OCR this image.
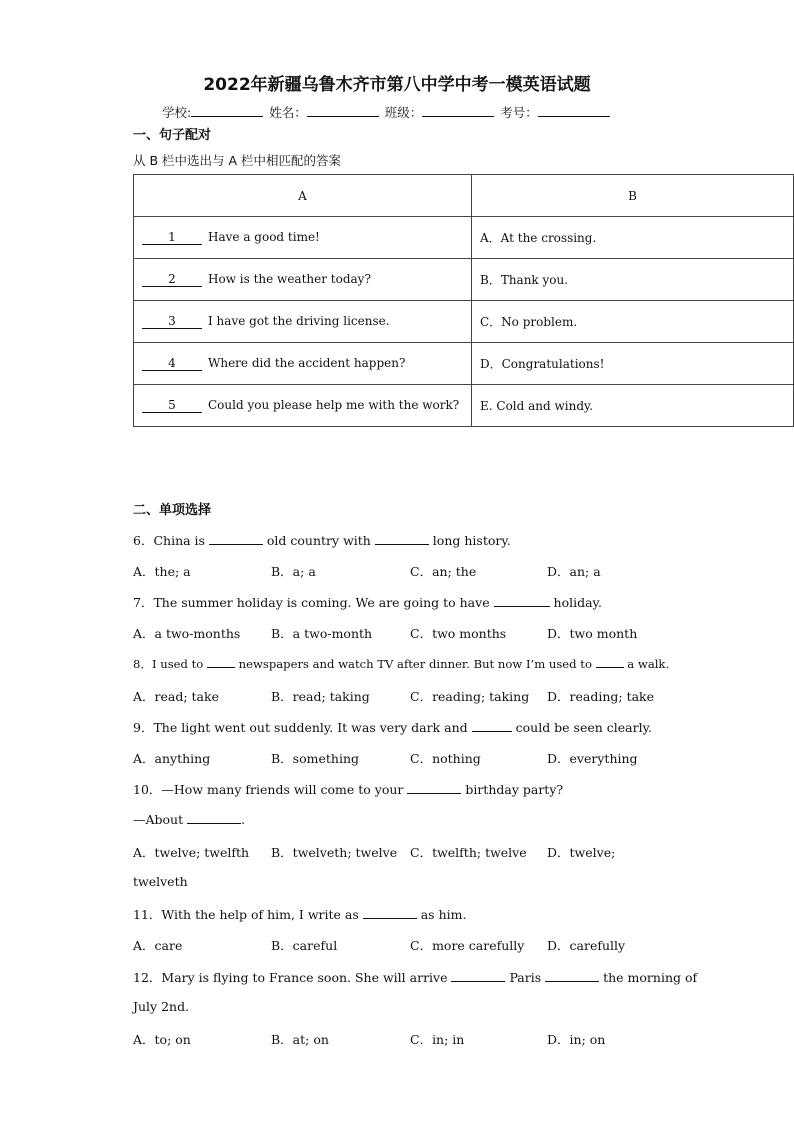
2022年新疆乌鲁木齐市第八中学中考一模英语试题
学校:	姓名：	班级：	考号：
一、句子配对
从 B 栏中选出与 A 栏中相匹配的答案
A	B
1 Have a good time!	A．At the crossing.
2 How is the weather today?	B．Thank you.
3 I have got the driving license.	C．No problem.
4 Where did the accident happen?	D．Congratulations!
5 Could you please help me with the work?	E. Cold and windy.
二、单项选择
6．China is	old country with	long history.
A．the; a	B．a; a	C．an; the	D．an; a
7．The summer holiday is coming. We are going to have	holiday.
A．a two-months B．a two-month	C．two months	D．two month
8．I used to  newspapers and watch TV after dinner. But now I’m used to  a walk.
A．read; take	B．read; taking	C．reading; taking D．reading; take
9．The light went out suddenly. It was very dark and	could be seen clearly.
A．anything	B．something	C．nothing	D．everything
10．—How many friends will come to your	birthday party?
—About	.
A．twelve; twelfth B．twelveth; twelve C．twelfth; twelve D．twelve;
twelveth
11．With the help of him, I write as	as him.
A．care	B．careful	C．more carefully D．carefully
12．Mary is flying to France soon. She will arrive	Paris	the morning of
July 2nd.
A．to; on	B．at; on	C．in; in	D．in; on
